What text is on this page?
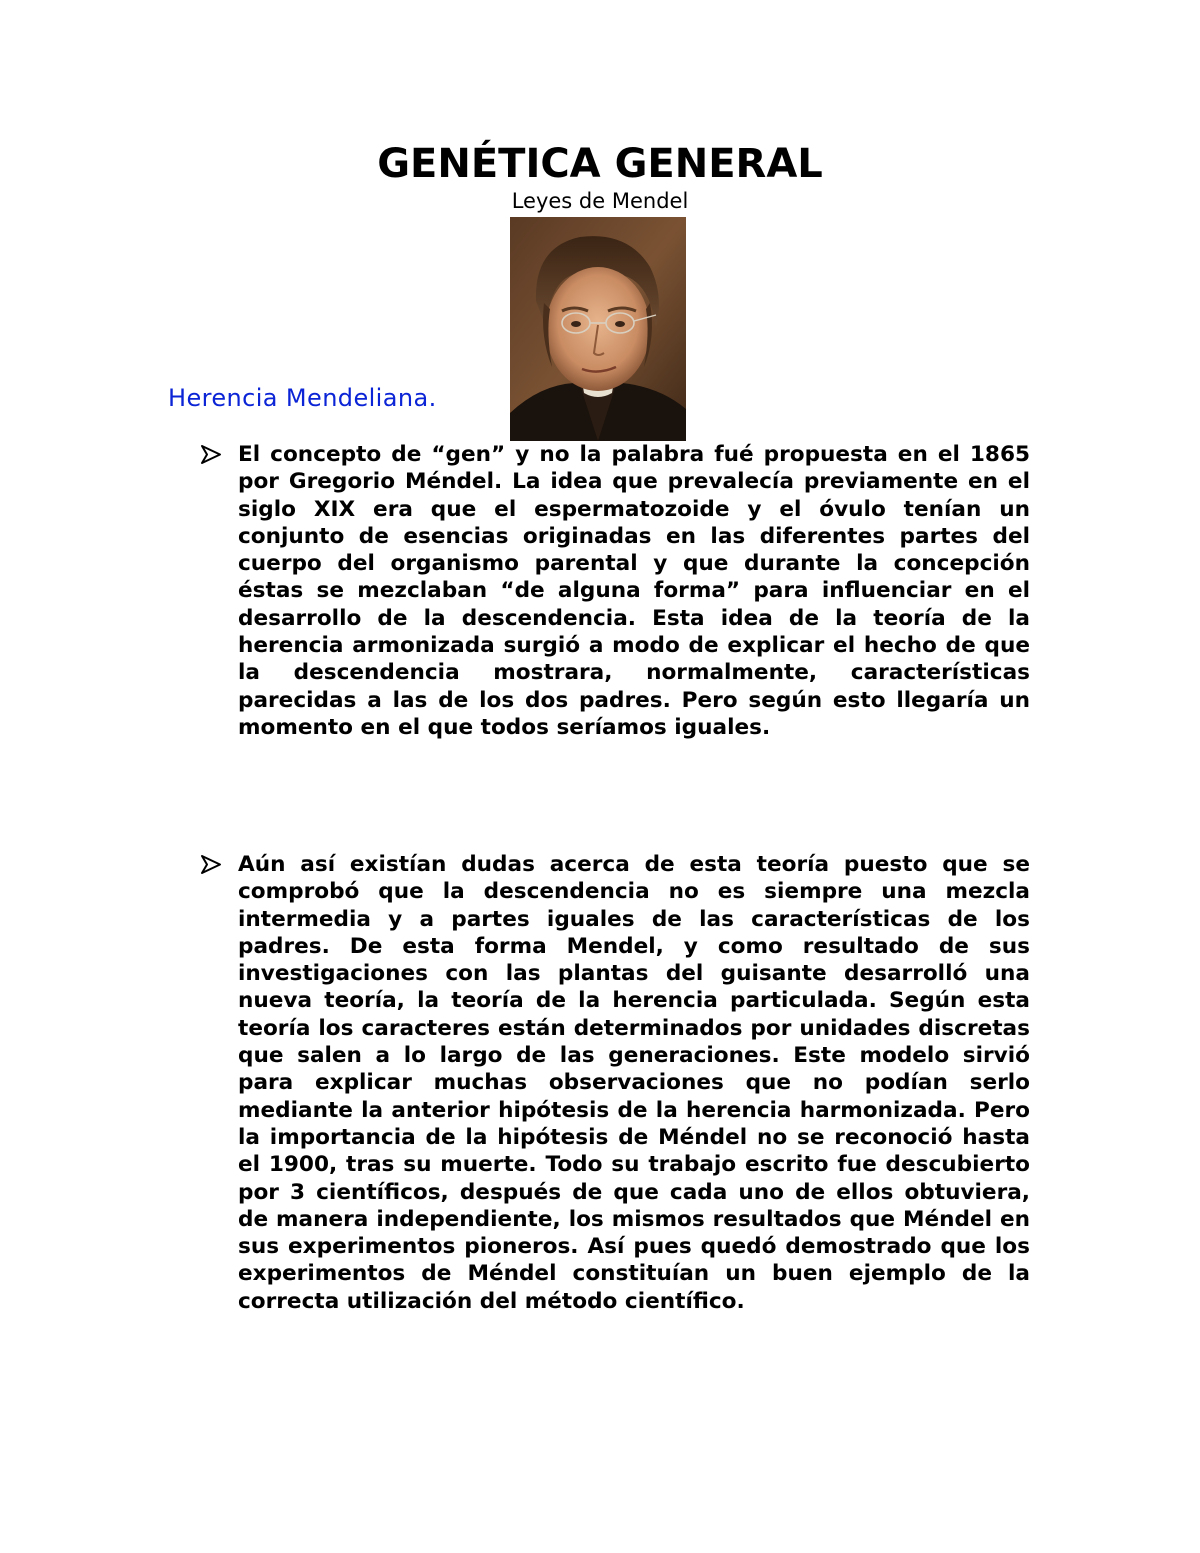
GENÉTICA GENERAL
Leyes de Mendel
Herencia Mendeliana.

El concepto de “gen” y no la palabra fué propuesta en el 1865 por Gregorio Méndel. La idea que prevalecía previamente en el siglo XIX era que el espermatozoide y el óvulo tenían un conjunto de esencias originadas en las diferentes partes del cuerpo del organismo parental y que durante la concepción éstas se mezclaban “de alguna forma” para influenciar en el desarrollo de la descendencia. Esta idea de la teoría de la herencia armonizada surgió a modo de explicar el hecho de que la descendencia mostrara, normalmente, características parecidas a las de los dos padres. Pero según esto llegaría un momento en el que todos seríamos iguales.

Aún así existían dudas acerca de esta teoría puesto que se comprobó que la descendencia no es siempre una mezcla intermedia y a partes iguales de las características de los padres. De esta forma Mendel, y como resultado de sus investigaciones con las plantas del guisante desarrolló una nueva teoría, la teoría de la herencia particulada. Según esta teoría los caracteres están determinados por unidades discretas que salen a lo largo de las generaciones. Este modelo sirvió para explicar muchas observaciones que no podían serlo mediante la anterior hipótesis de la herencia harmonizada. Pero la importancia de la hipótesis de Méndel no se reconoció hasta el 1900, tras su muerte. Todo su trabajo escrito fue descubierto por 3 científicos, después de que cada uno de ellos obtuviera, de manera independiente, los mismos resultados que Méndel en sus experimentos pioneros. Así pues quedó demostrado que los experimentos de Méndel constituían un buen ejemplo de la correcta utilización del método científico.
